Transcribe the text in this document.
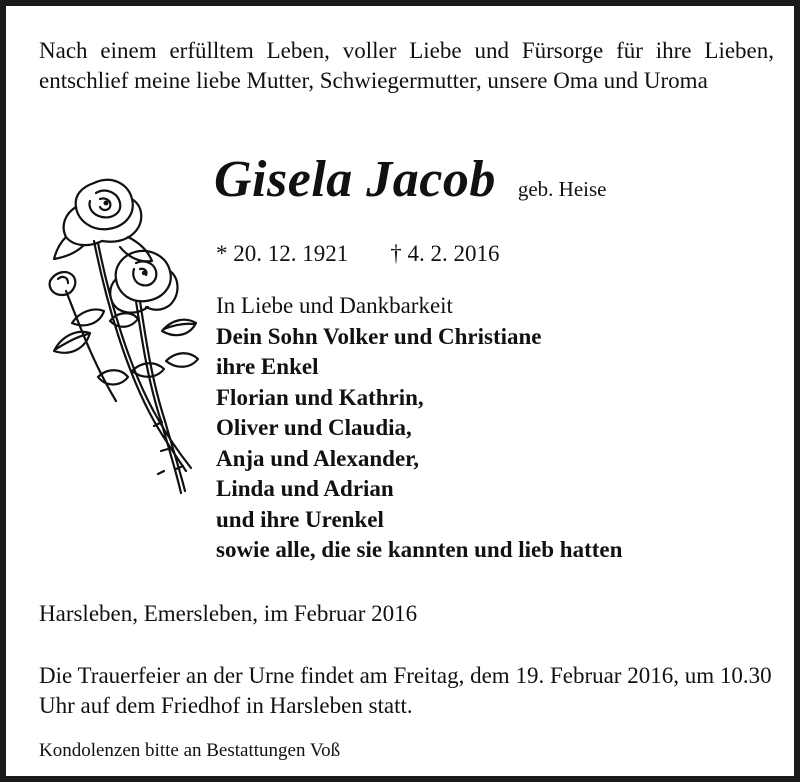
Nach einem erfülltem Leben, voller Liebe und Fürsorge für ihre Lieben, entschlief meine liebe Mutter, Schwiegermutter, unsere Oma und Uroma
Gisela Jacob geb. Heise
* 20. 12. 1921 † 4. 2. 2016
In Liebe und Dankbarkeit
Dein Sohn Volker und Christiane
ihre Enkel
Florian und Kathrin,
Oliver und Claudia,
Anja und Alexander,
Linda und Adrian
und ihre Urenkel
sowie alle, die sie kannten und lieb hatten
Harsleben, Emersleben, im Februar 2016
Die Trauerfeier an der Urne findet am Freitag, dem 19. Februar 2016, um 10.30 Uhr auf dem Friedhof in Harsleben statt.
Kondolenzen bitte an Bestattungen Voß
